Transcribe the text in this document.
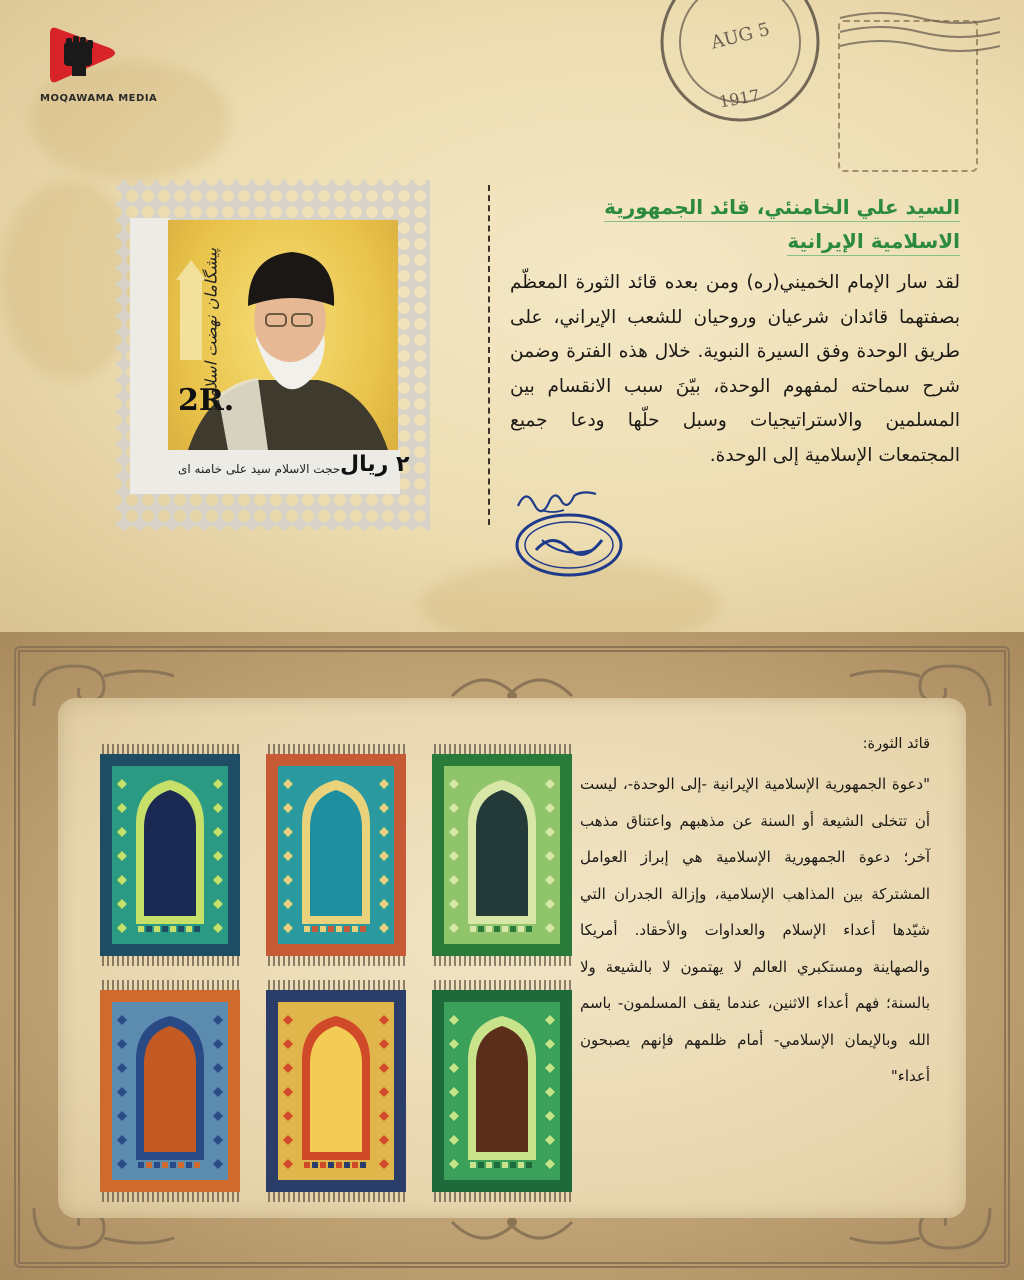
MOQAWAMA MEDIA
AUG 5
1917
2R.
٢ ریال
حجت الاسلام سید علی خامنه ای
پیشگامان نهضت اسلامی
السيد علي الخامنئي، قائد الجمهورية الاسلامية الإيرانية
لقد سار الإمام الخميني(ره) ومن بعده قائد الثورة المعظّم بصفتهما قائدان شرعيان وروحيان للشعب الإيراني، على طريق الوحدة وفق السيرة النبوية. خلال هذه الفترة وضمن شرح سماحته لمفهوم الوحدة، بيّنَ سبب الانقسام بين المسلمين والاستراتيجيات وسبل حلّها ودعا جميع المجتمعات الإسلامية إلى الوحدة.
قائد الثورة:
"دعوة الجمهورية الإسلامية الإيرانية -إلى الوحدة-، ليست أن تتخلى الشيعة أو السنة عن مذهبهم واعتناق مذهب آخر؛ دعوة الجمهورية الإسلامية هي إبراز العوامل المشتركة بين المذاهب الإسلامية، وإزالة الجدران التي شيّدها أعداء الإسلام والعداوات والأحقاد. أمريكا والصهاينة ومستكبري العالم لا يهتمون لا بالشيعة ولا بالسنة؛ فهم أعداء الاثنين، عندما يقف المسلمون- باسم الله وبالإيمان الإسلامي- أمام ظلمهم فإنهم يصبحون أعداء"
